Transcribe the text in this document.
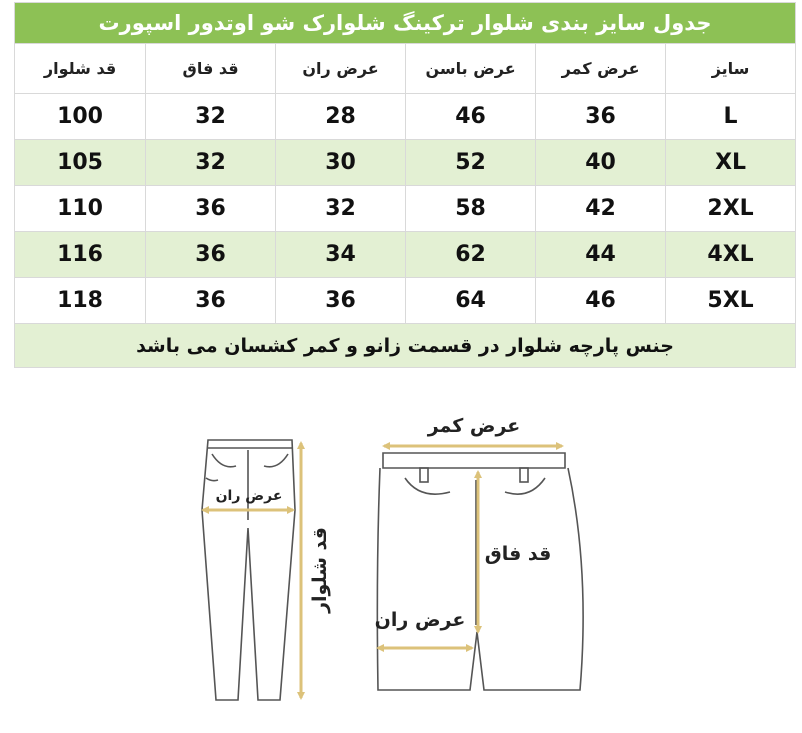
جدول سایز بندی شلوار ترکینگ شلوارک شو اوتدور اسپورت					
سایز	عرض کمر	عرض باسن	عرض ران	قد فاق	قد شلوار
L	36	46	28	32	100
XL	40	52	30	32	105
2XL	42	58	32	36	110
4XL	44	62	34	36	116
5XL	46	64	36	36	118
جنس پارچه شلوار در قسمت زانو و کمر کشسان می باشد					
عرض ران
قد شلوار
عرض کمر
قد فاق
عرض ران
